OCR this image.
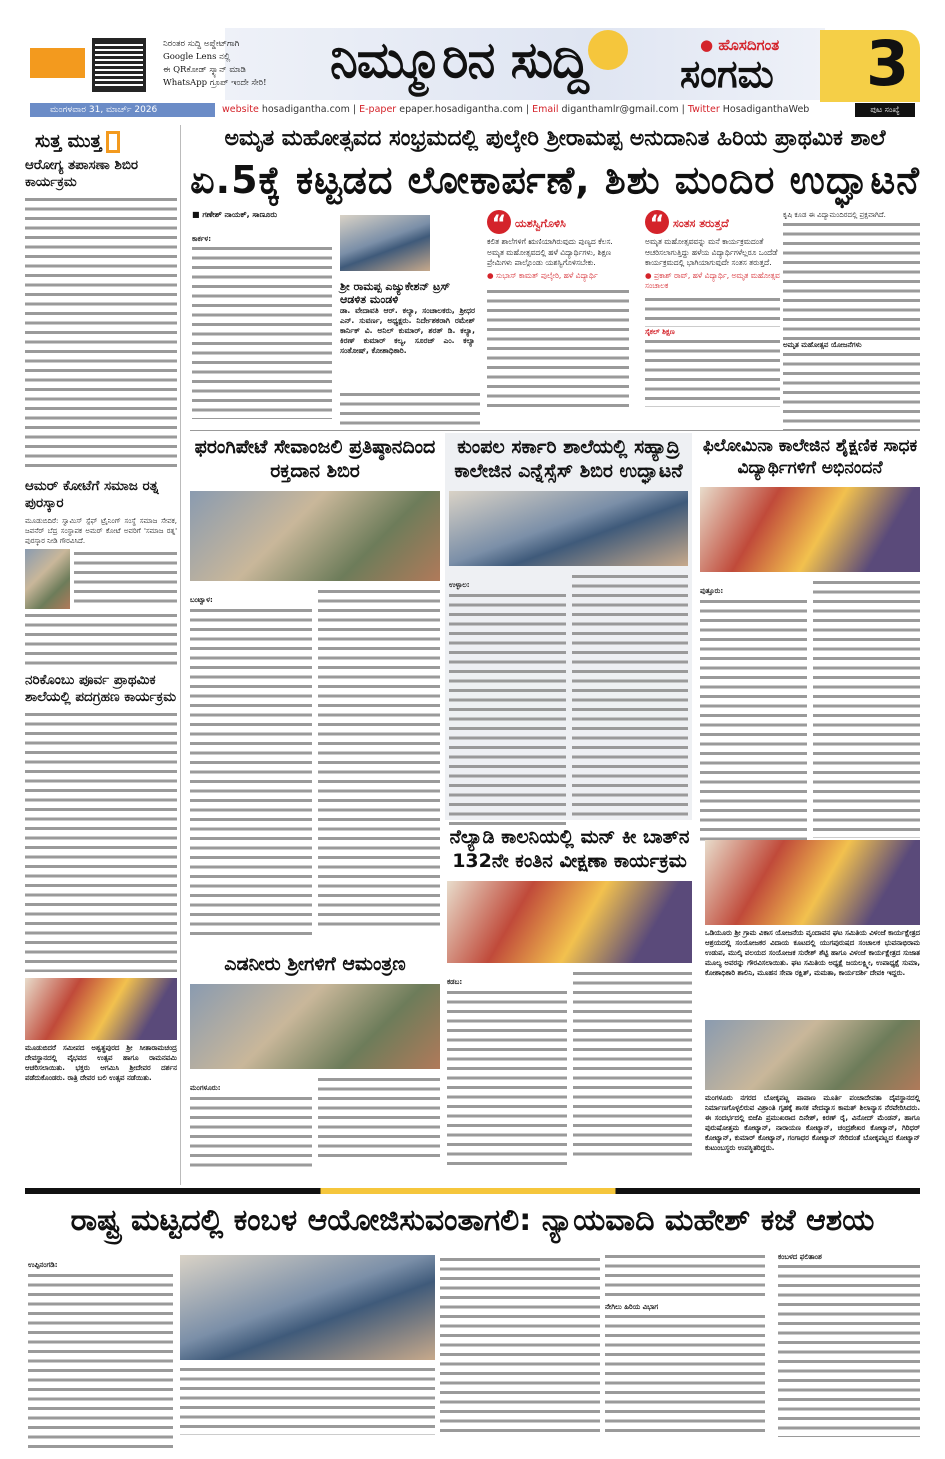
ನಿರಂತರ ಸುದ್ದಿ ಅಪ್ಡೇಟ್‌ಗಾಗಿ
Google Lens ನಲ್ಲಿ
ಈ QRಕೋಡ್ ಸ್ಕ್ಯಾನ್ ಮಾಡಿ
WhatsApp ಗ್ರೂಪ್ ಇಂದೇ ಸೇರಿ!	ನಿಮ್ಮೂರಿನ ಸುದ್ದಿ	● ಹೊಸದಿಗಂತ
ಸಂಗಮ 3
ಮಂಗಳವಾರ 31, ಮಾರ್ಚ್ 2026	website hosadigantha.com | E-paper epaper.hosadigantha.com | Email diganthamlr@gmail.com | Twitter HosadiganthaWeb	ಪುಟ ಸಂಖ್ಯೆ
ಸುತ್ತ ಮುತ್ತ
ಆರೋಗ್ಯ ತಪಾಸಣಾ ಶಿಬಿರ ಕಾರ್ಯಕ್ರಮ
ಆಮರ್ ಕೋಟೆಗೆ ಸಮಾಜ ರತ್ನ ಪುರಸ್ಕಾರ
ಮೂಡುಬಿದಿರೆ: ಸ್ವಾಮಿಸ್ ಸ್ಪೆಫ್ ಟ್ರೈನಿಂಗ್ ಸಂಸ್ಥೆ ಸಮಾಜ ಸೇವಕ, ಜವನೆರ್ ಬೆದ್ರ ಸಂಸ್ಥಾಪಕ ಅಮರ್ ಕೋಟೆ ಅವರಿಗೆ 'ಸಮಾಜ ರತ್ನ' ಪುರಸ್ಕಾರ ನೀಡಿ ಗೌರವಿಸಿದೆ.
ನರಿಕೊಂಬು ಪೂರ್ವ ಪ್ರಾಥಮಿಕ ಶಾಲೆಯಲ್ಲಿ ಪದಗ್ರಹಣ ಕಾರ್ಯಕ್ರಮ
ಮೂಡುಬಿದರೆ ಸಮೀಪದ ಅಶ್ವತ್ಥಪುರದ ಶ್ರೀ ಸೀತಾರಾಮಚಂದ್ರ ದೇವಸ್ಥಾನದಲ್ಲಿ ವೈಭವದ ಉತ್ಸವ ಹಾಗೂ ರಾಮನವಮಿ ಆಚರಿಸಲಾಯಿತು. ಭಕ್ತರು ಆಗಮಿಸಿ ಶ್ರೀದೇವರ ದರ್ಶನ ಪಡೆದುಕೊಂಡರು. ರಾತ್ರಿ ದೇವರ ಬಲಿ ಉತ್ಸವ ನಡೆಯಿತು.
ಅಮೃತ ಮಹೋತ್ಸವದ ಸಂಭ್ರಮದಲ್ಲಿ ಪುಲ್ಕೇರಿ ಶ್ರೀರಾಮಪ್ಪ ಅನುದಾನಿತ ಹಿರಿಯ ಪ್ರಾಥಮಿಕ ಶಾಲೆ
ಏ.5ಕ್ಕೆ ಕಟ್ಟಡದ ಲೋಕಾರ್ಪಣೆ, ಶಿಶು ಮಂದಿರ ಉದ್ಘಾಟನೆ
■ ಗಣೇಶ್ ನಾಯಕ್, ಸಾಣೂರು
ಕಾರ್ಕಳ:
ಶ್ರೀ ರಾಮಪ್ಪ ಎಜ್ಯುಕೇಶನ್ ಟ್ರಸ್ ಆಡಳಿತ ಮಂಡಳಿ
ಡಾ. ವೇದಾವತಿ ಆರ್. ಕಲ್ಯಾ, ಸಂಚಾಲಕರು, ಶ್ರೀಧರ ಎನ್. ಸುವರ್ಣ, ಅಧ್ಯಕ್ಷರು. ನಿರ್ದೇಶಕರಾಗಿ ರಮೇಶ್ ಕಾರ್ನಿಕ್ ವಿ. ಅನಿಲ್ ಕುಮಾರ್, ಶರತ್ ಡಿ. ಕಲ್ಯಾ, ಕಿರಣ್ ಕುಮಾರ್ ಕಲ್ಯ, ಸೂರಜ್ ಎಂ. ಕಲ್ಯಾ ಸಂತೋಷ್, ಕೋಶಾಧಿಕಾರಿ.
“ ಯಶಸ್ವಿಗೊಳಿಸಿ
ಕಲಿತ ಶಾಲೆಗಳಿಗೆ ಋಣಿಯಾಗಿರುವುದು ಪುಣ್ಯದ ಕೆಲಸ. ಅಮೃತ ಮಹೋತ್ಸವದಲ್ಲಿ ಹಳೆ ವಿದ್ಯಾರ್ಥಿಗಳು, ಶಿಕ್ಷಣ ಪ್ರೇಮಿಗಳು ಪಾಲ್ಗೊಂಡು ಯಶಸ್ವಿಗೊಳಿಸಬೇಕು.
● ಸುಭಾಸ್ ಕಾಮತ್ ಪುಲ್ಕೇರಿ, ಹಳೆ ವಿದ್ಯಾರ್ಥಿ
“ ಸಂತಸ ತರುತ್ತದೆ
ಅಮೃತ ಮಹೋತ್ಸವವನ್ನು ಮನೆ ಕಾರ್ಯಕ್ರಮದಂತೆ ಆಚರಿಸಲಾಗುತ್ತಿದ್ದು ಹಳೆಯ ವಿದ್ಯಾರ್ಥಿಗಳೆಲ್ಲರೂ ಒಂದೆಡೆ ಕಾರ್ಯಕ್ರಮದಲ್ಲಿ ಭಾಗಿಯಾಗುವುದೇ ಸಂತಸ ತರುತ್ತದೆ.
● ಪ್ರಕಾಶ್ ರಾವ್, ಹಳೆ ವಿದ್ಯಾರ್ಥಿ, ಅಮೃತ ಮಹೋತ್ಸವ ಸಂಚಾಲಕ
ಸೈಕಲ್ ಶಿಕ್ಷಣ
ಕೃಷಿ ಕೂಡ ಈ ವಿದ್ಯಾಮಂದಿರದಲ್ಲಿ ಪ್ರಕ್ಷವಾಗಿದೆ.
ಅಮೃತ ಮಹೋತ್ಸವ ಯೋಜನೆಗಳು
ಫರಂಗಿಪೇಟೆ ಸೇವಾಂಜಲಿ ಪ್ರತಿಷ್ಠಾನದಿಂದ ರಕ್ತದಾನ ಶಿಬಿರ
ಬಂಟ್ವಾಳ:
ಕುಂಪಲ ಸರ್ಕಾರಿ ಶಾಲೆಯಲ್ಲಿ ಸಹ್ಯಾದ್ರಿ ಕಾಲೇಜಿನ ಎನ್ನೆಸ್ಸೆಸ್ ಶಿಬಿರ ಉದ್ಘಾಟನೆ
ಉಳ್ಳಾಲ:
ಫಿಲೋಮಿನಾ ಕಾಲೇಜಿನ ಶೈಕ್ಷಣಿಕ ಸಾಧಕ ವಿದ್ಯಾರ್ಥಿಗಳಿಗೆ ಅಭಿನಂದನೆ
ಪುತ್ತೂರು:
ನೆಲ್ಯಾಡಿ ಕಾಲನಿಯಲ್ಲಿ ಮನ್ ಕೀ ಬಾತ್‌ನ 132ನೇ ಕಂತಿನ ವೀಕ್ಷಣಾ ಕಾರ್ಯಕ್ರಮ
ಕಡಬ:
ಎಡನೀರು ಶ್ರೀಗಳಿಗೆ ಆಮಂತ್ರಣ
ಮಂಗಳೂರು:
ಒಡಿಯೂರು ಶ್ರೀ ಗ್ರಾಮ ವಿಕಾಸ ಯೋಜನೆಯ ವೃಂದಾವನ ಘಟ ಸಮಿತಿಯ ವಿಳಂಜೆ ಕಾರ್ಯಕ್ಷೇತ್ರದ ಆಶ್ರಯದಲ್ಲಿ ಸಂಯೋಜಕರ ವಿದಾಯ ಕೂಟದಲ್ಲಿ ಯುಗಪುರುಷದ ಸಂಚಾಲಕ ಭುವನಾಭಿರಾಮ ಉಡುಪ, ಮುಲ್ಕಿ ವಲಯದ ಸಂಯೋಜಕ ಸುರೇಶ್ ಶೆಟ್ಟಿ ಹಾಗೂ ವಿಳಂಜೆ ಕಾರ್ಯಕ್ಷೇತ್ರದ ಸುಜಾತ ಮೂಲ್ಯ ಅವರನ್ನು ಗೌರವಿಸಲಾಯಿತು. ಘಟ ಸಮಿತಿಯ ಅಧ್ಯಕ್ಷೆ ಜಯಲಕ್ಷ್ಮೀ, ಉಪಾಧ್ಯಕ್ಷೆ ಸುಮಾ, ಕೋಶಾಧಿಕಾರಿ ಶಾಲಿನಿ, ಮೂಹನ ಸೇವಾ ರಕ್ಷಿತ್, ಮಮತಾ, ಕಾರ್ಯದರ್ಶಿ ದೇವಕಿ ಇದ್ದರು.
ಮಂಗಳೂರು ನಗರದ ಬೋಕ್ಕಪಟ್ಣ ಪಾಪಾಣ ಮೂರ್ತಿ ಪಂಚಾದೇವತಾ ದೈವಸ್ಥಾನದಲ್ಲಿ ನಿರ್ಮಾಣಗೊಳ್ಳಲಿರುವ ವಿಶ್ರಾಂತಿ ಗೃಹಕ್ಕೆ ಶಾಸಕ ವೇದವ್ಯಾಸ ಕಾಮತ್ ಶಿಲಾನ್ಯಾಸ ನೆರವೇರಿಸಿದರು. ಈ ಸಂದರ್ಭದಲ್ಲಿ ಬಿಜೆಪಿ ಪ್ರಮುಖರಾದ ದಿನೇಶ್, ಕಿರಣ್ ರೈ, ವಿನೋದ್ ಮೆಂಡನ್, ಹಾಗೂ ಪುರುಷೋತ್ತಮ ಕೋಟ್ಯಾನ್, ನಾರಾಯಣ ಕೋಟ್ಯಾನ್, ಚಂದ್ರಶೇಖರ ಕೋಟ್ಯಾನ್, ಗಿರಿಧರ್ ಕೋಟ್ಯಾನ್, ಕುಮಾರ್ ಕೋಟ್ಯಾನ್, ಗಂಗಾಧರ ಕೋಟ್ಯಾನ್ ಸೇರಿದಂತೆ ಬೋಕ್ಕಪಟ್ಣದ ಕೋಟ್ಯಾನ್ ಕುಟುಂಬಸ್ಥರು ಉಪಸ್ಥಿತರಿದ್ದರು.
ರಾಷ್ಟ್ರ ಮಟ್ಟದಲ್ಲಿ ಕಂಬಳ ಆಯೋಜಿಸುವಂತಾಗಲಿ: ನ್ಯಾಯವಾದಿ ಮಹೇಶ್ ಕಜೆ ಆಶಯ
ಉಪ್ಪಿನಂಗಡಿ:
ನೇಗಿಲು ಹಿರಿಯ ವಿಭಾಗ
ಕಂಬಳದ ಫಲಿತಾಂಶ
